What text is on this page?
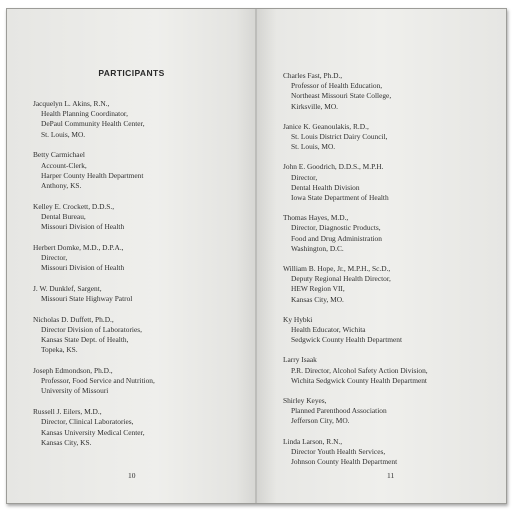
PARTICIPANTS
Jacquelyn L. Akins, R.N.,
Health Planning Coordinator,
DePaul Community Health Center,
St. Louis, MO.
Betty Carmichael
Account-Clerk,
Harper County Health Department
Anthony, KS.
Kelley E. Crockett, D.D.S.,
Dental Bureau,
Missouri Division of Health
Herbert Domke, M.D., D.P.A.,
Director,
Missouri Division of Health
J. W. Dunklef, Sargent,
Missouri State Highway Patrol
Nicholas D. Duffett, Ph.D.,
Director Division of Laboratories,
Kansas State Dept. of Health,
Topeka, KS.
Joseph Edmondson, Ph.D.,
Professor, Food Service and Nutrition,
University of Missouri
Russell J. Eilers, M.D.,
Director, Clinical Laboratories,
Kansas University Medical Center,
Kansas City, KS.
10
Charles Fast, Ph.D.,
Professor of Health Education,
Northeast Missouri State College,
Kirksville, MO.
Janice K. Geanoulakis, R.D.,
St. Louis District Dairy Council,
St. Louis, MO.
John E. Goodrich, D.D.S., M.P.H.
Director,
Dental Health Division
Iowa State Department of Health
Thomas Hayes, M.D.,
Director, Diagnostic Products,
Food and Drug Administration
Washington, D.C.
William B. Hope, Jr., M.P.H., Sc.D.,
Deputy Regional Health Director,
HEW Region VII,
Kansas City, MO.
Ky Hybki
Health Educator, Wichita
Sedgwick County Health Department
Larry Isaak
P.R. Director, Alcohol Safety Action Division,
Wichita Sedgwick County Health Department
Shirley Keyes,
Planned Parenthood Association
Jefferson City, MO.
Linda Larson, R.N.,
Director Youth Health Services,
Johnson County Health Department
11
